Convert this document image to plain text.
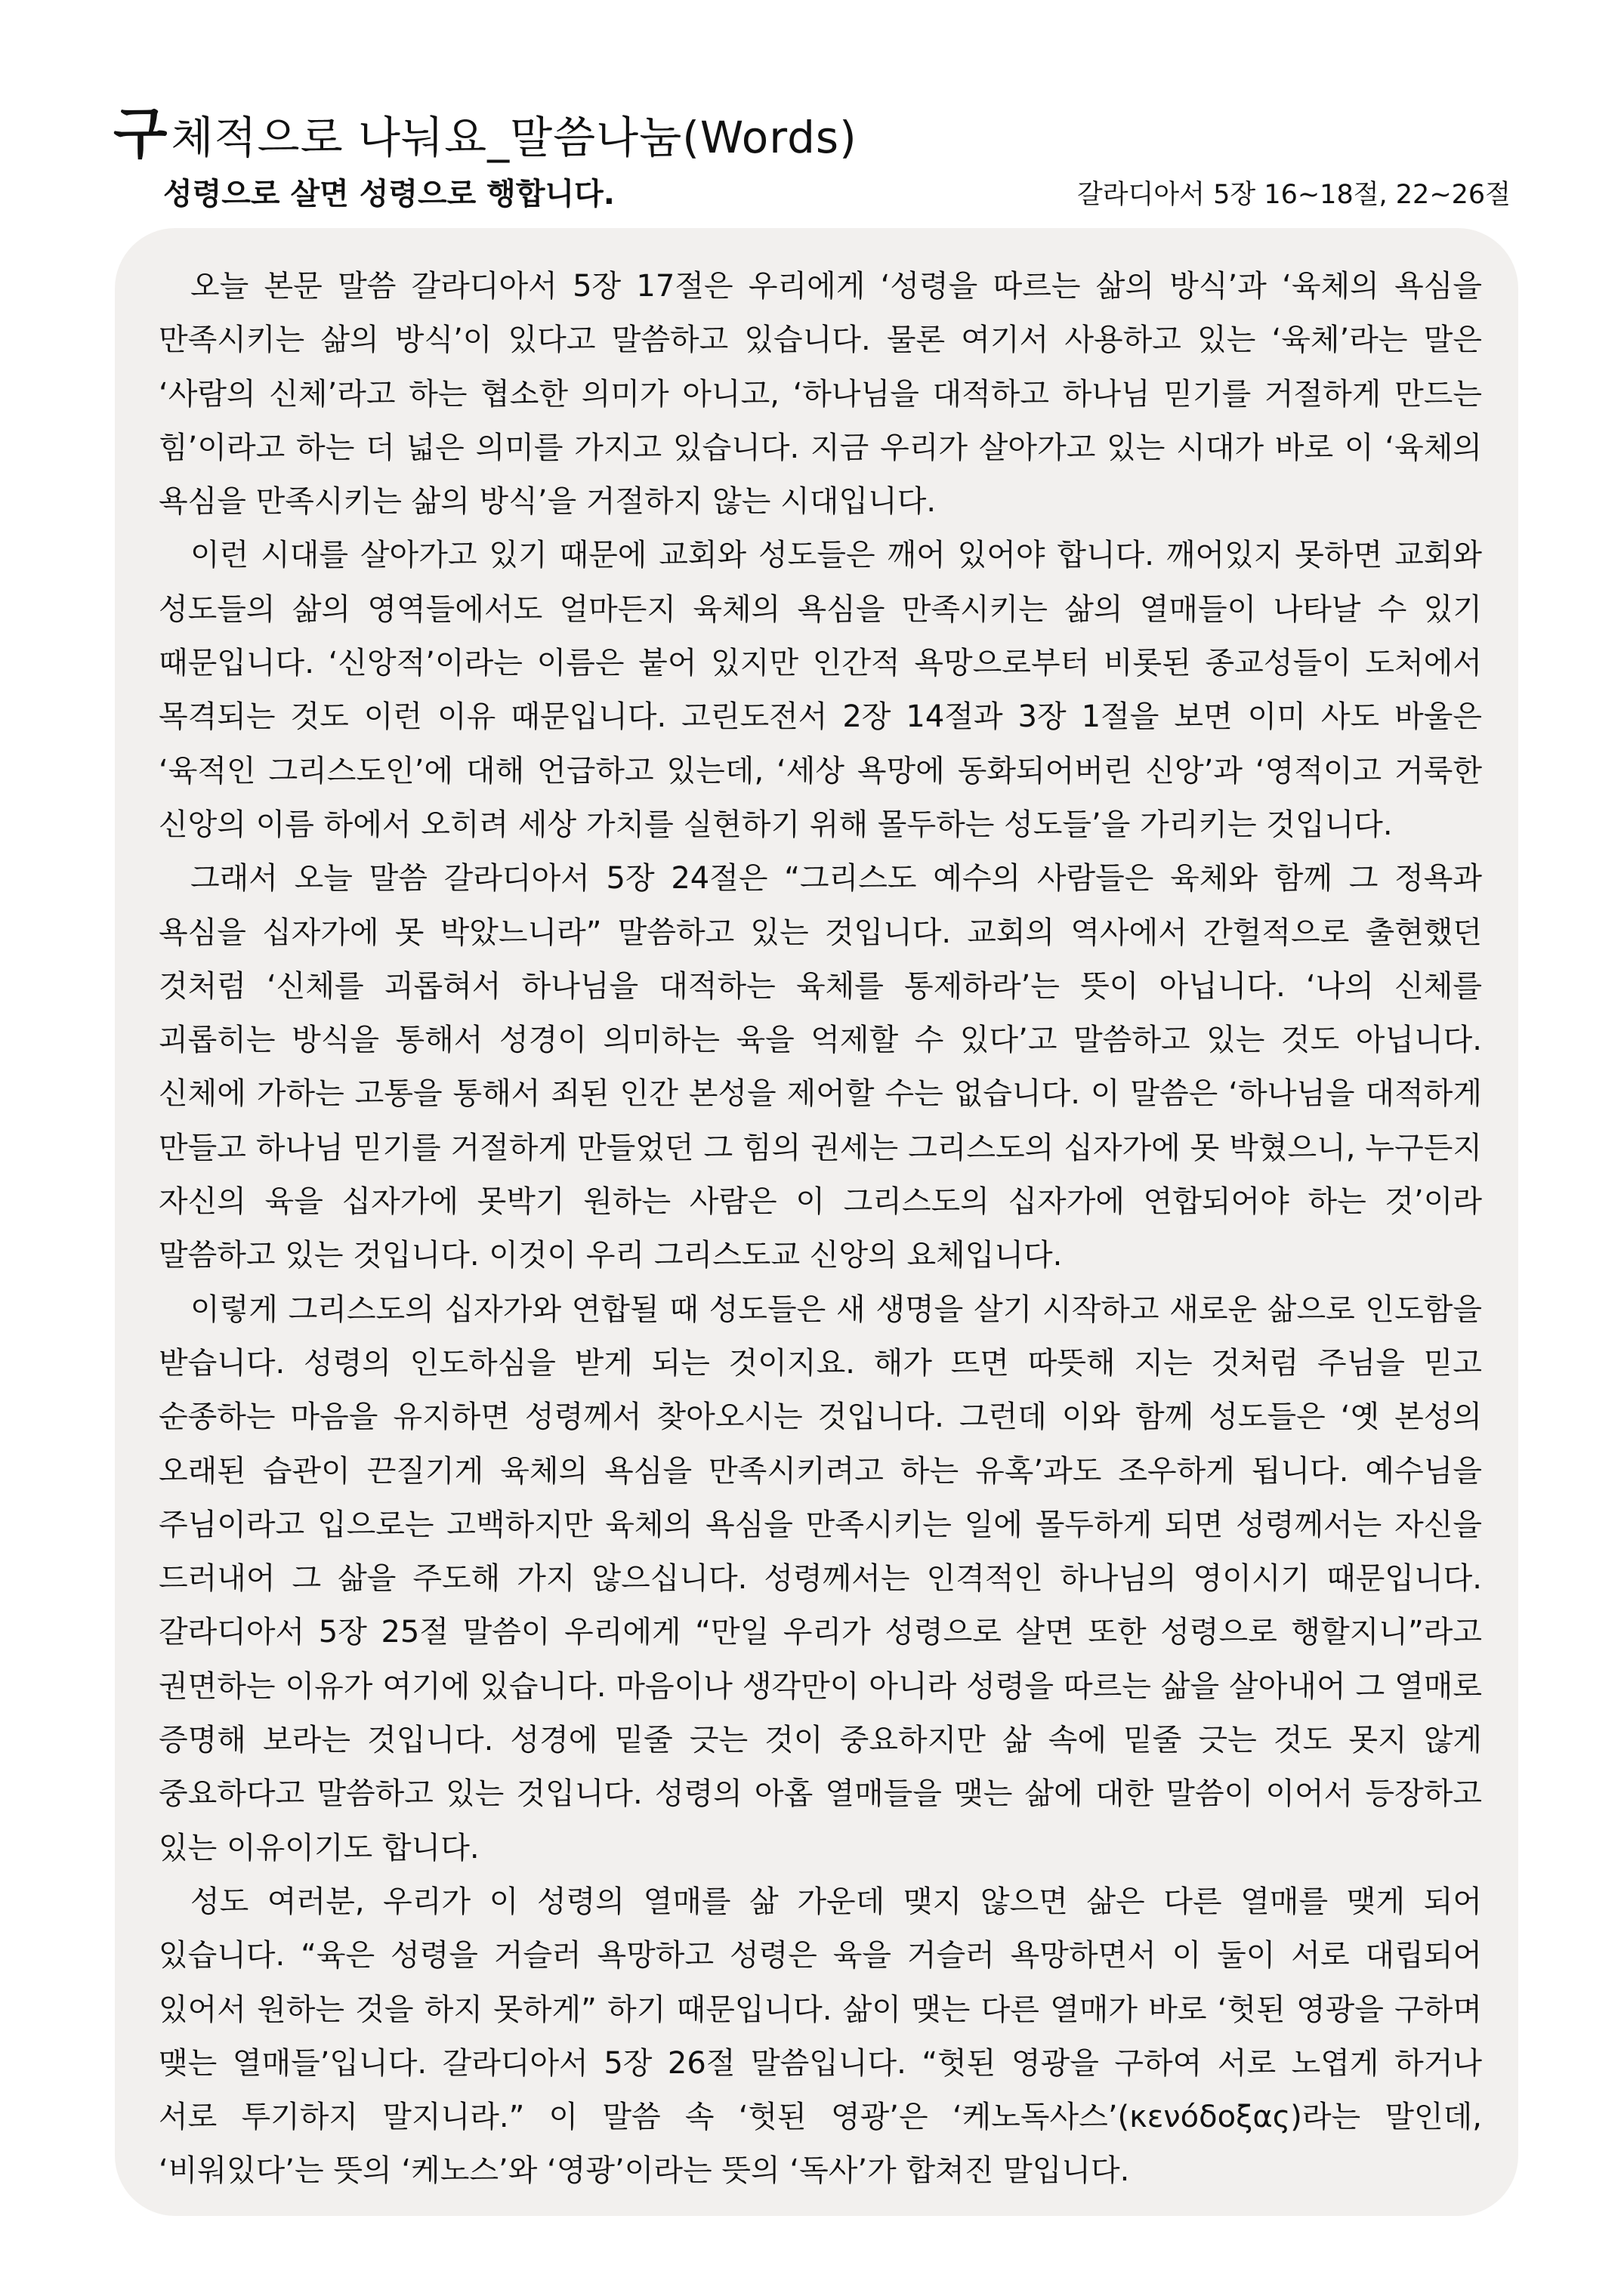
구체적으로 나눠요_말씀나눔(Words)
성령으로 살면 성령으로 행합니다.	갈라디아서 5장 16~18절, 22~26절

오늘 본문 말씀 갈라디아서 5장 17절은 우리에게 ‘성령을 따르는 삶의 방식’과 ‘육체의 욕심을 만족시키는 삶의 방식’이 있다고 말씀하고 있습니다. 물론 여기서 사용하고 있는 ‘육체’라는 말은 ‘사람의 신체’라고 하는 협소한 의미가 아니고, ‘하나님을 대적하고 하나님 믿기를 거절하게 만드는 힘’이라고 하는 더 넓은 의미를 가지고 있습니다. 지금 우리가 살아가고 있는 시대가 바로 이 ‘육체의 욕심을 만족시키는 삶의 방식’을 거절하지 않는 시대입니다.

이런 시대를 살아가고 있기 때문에 교회와 성도들은 깨어 있어야 합니다. 깨어있지 못하면 교회와 성도들의 삶의 영역들에서도 얼마든지 육체의 욕심을 만족시키는 삶의 열매들이 나타날 수 있기 때문입니다. ‘신앙적’이라는 이름은 붙어 있지만 인간적 욕망으로부터 비롯된 종교성들이 도처에서 목격되는 것도 이런 이유 때문입니다. 고린도전서 2장 14절과 3장 1절을 보면 이미 사도 바울은 ‘육적인 그리스도인’에 대해 언급하고 있는데, ‘세상 욕망에 동화되어버린 신앙’과 ‘영적이고 거룩한 신앙의 이름 하에서 오히려 세상 가치를 실현하기 위해 몰두하는 성도들’을 가리키는 것입니다.

그래서 오늘 말씀 갈라디아서 5장 24절은 “그리스도 예수의 사람들은 육체와 함께 그 정욕과 욕심을 십자가에 못 박았느니라” 말씀하고 있는 것입니다. 교회의 역사에서 간헐적으로 출현했던 것처럼 ‘신체를 괴롭혀서 하나님을 대적하는 육체를 통제하라’는 뜻이 아닙니다. ‘나의 신체를 괴롭히는 방식을 통해서 성경이 의미하는 육을 억제할 수 있다’고 말씀하고 있는 것도 아닙니다. 신체에 가하는 고통을 통해서 죄된 인간 본성을 제어할 수는 없습니다. 이 말씀은 ‘하나님을 대적하게 만들고 하나님 믿기를 거절하게 만들었던 그 힘의 권세는 그리스도의 십자가에 못 박혔으니, 누구든지 자신의 육을 십자가에 못박기 원하는 사람은 이 그리스도의 십자가에 연합되어야 하는 것’이라 말씀하고 있는 것입니다. 이것이 우리 그리스도교 신앙의 요체입니다.

이렇게 그리스도의 십자가와 연합될 때 성도들은 새 생명을 살기 시작하고 새로운 삶으로 인도함을 받습니다. 성령의 인도하심을 받게 되는 것이지요. 해가 뜨면 따뜻해 지는 것처럼 주님을 믿고 순종하는 마음을 유지하면 성령께서 찾아오시는 것입니다. 그런데 이와 함께 성도들은 ‘옛 본성의 오래된 습관이 끈질기게 육체의 욕심을 만족시키려고 하는 유혹’과도 조우하게 됩니다. 예수님을 주님이라고 입으로는 고백하지만 육체의 욕심을 만족시키는 일에 몰두하게 되면 성령께서는 자신을 드러내어 그 삶을 주도해 가지 않으십니다. 성령께서는 인격적인 하나님의 영이시기 때문입니다. 갈라디아서 5장 25절 말씀이 우리에게 “만일 우리가 성령으로 살면 또한 성령으로 행할지니”라고 권면하는 이유가 여기에 있습니다. 마음이나 생각만이 아니라 성령을 따르는 삶을 살아내어 그 열매로 증명해 보라는 것입니다. 성경에 밑줄 긋는 것이 중요하지만 삶 속에 밑줄 긋는 것도 못지 않게 중요하다고 말씀하고 있는 것입니다. 성령의 아홉 열매들을 맺는 삶에 대한 말씀이 이어서 등장하고 있는 이유이기도 합니다.

성도 여러분, 우리가 이 성령의 열매를 삶 가운데 맺지 않으면 삶은 다른 열매를 맺게 되어 있습니다. “육은 성령을 거슬러 욕망하고 성령은 육을 거슬러 욕망하면서 이 둘이 서로 대립되어 있어서 원하는 것을 하지 못하게” 하기 때문입니다. 삶이 맺는 다른 열매가 바로 ‘헛된 영광을 구하며 맺는 열매들’입니다. 갈라디아서 5장 26절 말씀입니다. “헛된 영광을 구하여 서로 노엽게 하거나 서로 투기하지 말지니라.” 이 말씀 속 ‘헛된 영광’은 ‘케노독사스’(κενόδοξας)라는 말인데, ‘비워있다’는 뜻의 ‘케노스’와 ‘영광’이라는 뜻의 ‘독사’가 합쳐진 말입니다.
